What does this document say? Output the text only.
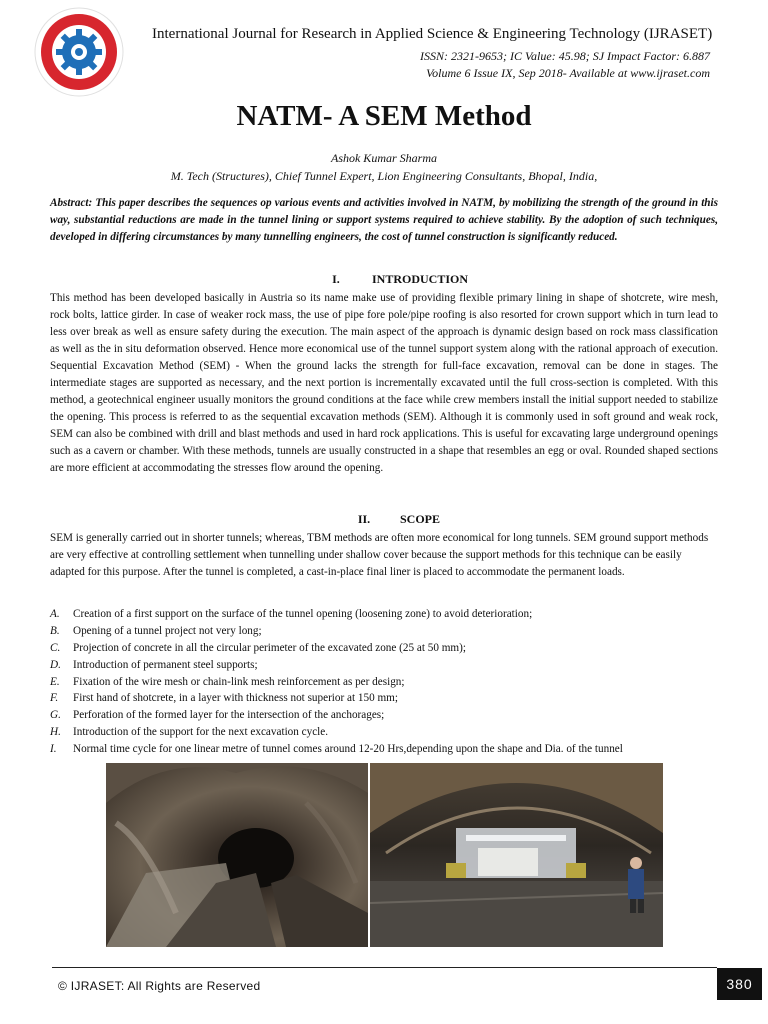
International Journal for Research in Applied Science & Engineering Technology (IJRASET)
ISSN: 2321-9653; IC Value: 45.98; SJ Impact Factor: 6.887
Volume 6 Issue IX, Sep 2018- Available at www.ijraset.com
NATM- A SEM Method
Ashok Kumar Sharma
M. Tech (Structures), Chief Tunnel Expert, Lion Engineering Consultants, Bhopal, India,

Abstract: This paper describes the sequences op various events and activities involved in NATM, by mobilizing the strength of the ground in this way, substantial reductions are made in the tunnel lining or support systems required to achieve stability. By the adoption of such techniques, developed in differing circumstances by many tunnelling engineers, the cost of tunnel construction is significantly reduced.

I.	INTRODUCTION

This method has been developed basically in Austria so its name make use of providing flexible primary lining in shape of shotcrete, wire mesh, rock bolts, lattice girder. In case of weaker rock mass, the use of pipe fore pole/pipe roofing is also resorted for crown support which in turn lead to less over break as well as ensure safety during the execution. The main aspect of the approach is dynamic design based on rock mass classification as well as the in situ deformation observed. Hence more economical use of the tunnel support system along with the rational approach of execution. Sequential Excavation Method (SEM) - When the ground lacks the strength for full-face excavation, removal can be done in stages. The intermediate stages are supported as necessary, and the next portion is incrementally excavated until the full cross-section is completed. With this method, a geotechnical engineer usually monitors the ground conditions at the face while crew members install the initial support needed to stabilize the opening. This process is referred to as the sequential excavation methods (SEM). Although it is commonly used in soft ground and weak rock, SEM can also be combined with drill and blast methods and used in hard rock applications. This is useful for excavating large underground openings such as a cavern or chamber. With these methods, tunnels are usually constructed in a shape that resembles an egg or oval. Rounded shaped sections are more efficient at accommodating the stresses flow around the opening.

II. SCOPE

SEM is generally carried out in shorter tunnels; whereas, TBM methods are often more economical for long tunnels. SEM ground support methods are very effective at controlling settlement when tunnelling under shallow cover because the support methods for this technique can be easily adapted for this purpose. After the tunnel is completed, a cast-in-place final liner is placed to accommodate the permanent loads.

A. Creation of a first support on the surface of the tunnel opening (loosening zone) to avoid deterioration;
B. Opening of a tunnel project not very long;
C. Projection of concrete in all the circular perimeter of the excavated zone (25 at 50 mm);
D. Introduction of permanent steel supports;
E. Fixation of the wire mesh or chain-link mesh reinforcement as per design;
F. First hand of shotcrete, in a layer with thickness not superior at 150 mm;
G. Perforation of the formed layer for the intersection of the anchorages;
H. Introduction of the support for the next excavation cycle.
I. Normal time cycle for one linear metre of tunnel comes around 12-20 Hrs,depending upon the shape and Dia. of the tunnel
© IJRASET: All Rights are Reserved	380
